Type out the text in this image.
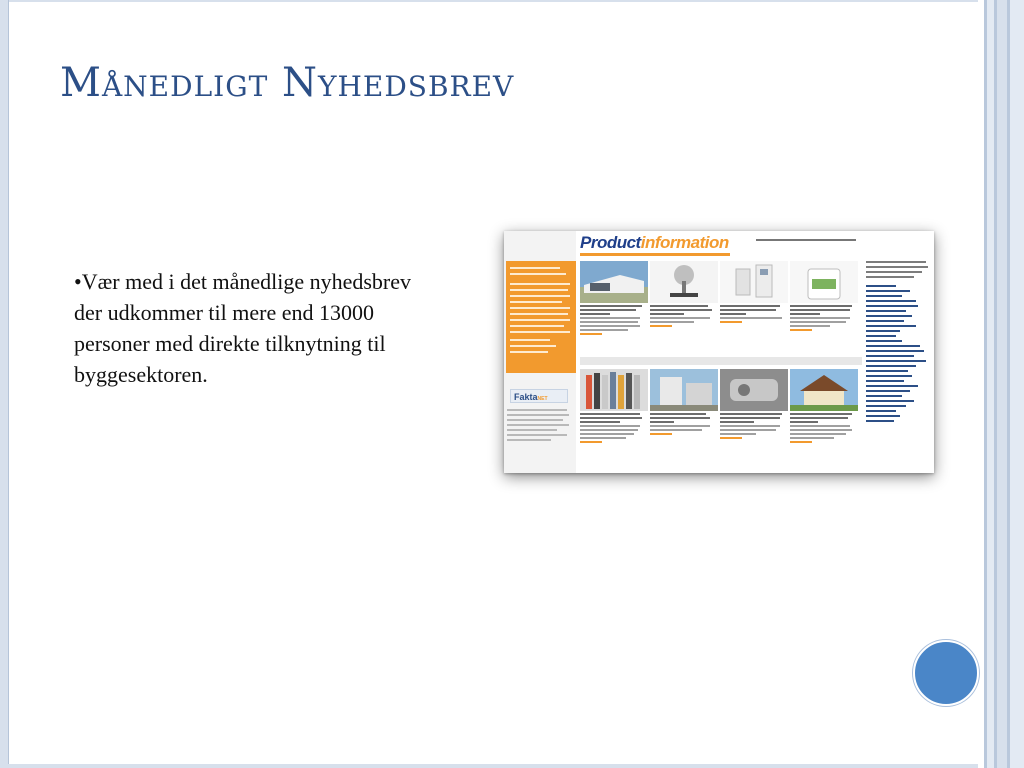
Månedligt Nyhedsbrev
•Vær med i det månedlige nyhedsbrev der udkommer til mere end 13000 personer med direkte tilknytning til byggesektoren.
FaktaNET
Productinformation
